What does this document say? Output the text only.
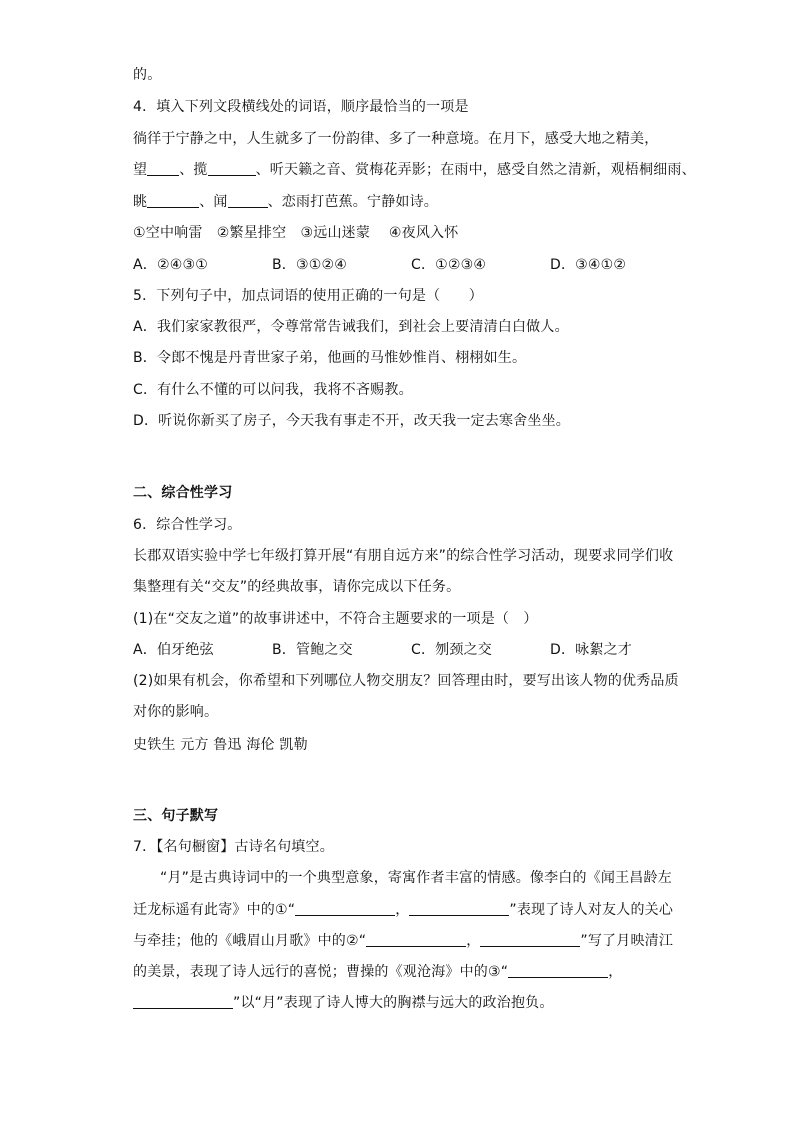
的。
4．填入下列文段横线处的词语，顺序最恰当的一项是
徜徉于宁静之中，人生就多了一份韵律、多了一种意境。在月下，感受大地之精美，
望 、揽	、听天籁之音、赏梅花弄影；在雨中，感受自然之清新，观梧桐细雨、
眺	、闻	、恋雨打芭蕉。宁静如诗。
①空中响雷　②繁星排空　③远山迷蒙　 ④夜风入怀
A．②④③①	B．③①②④	C．①②③④	D．③④①②
5．下列句子中，加点词语的使用正确的一句是（　　）
A．我们家家教很严，令尊常常告诫我们，到社会上要清清白白做人。
B．令郎不愧是丹青世家子弟，他画的马惟妙惟肖、栩栩如生。
C．有什么不懂的可以问我，我将不吝赐教。
D．听说你新买了房子，今天我有事走不开，改天我一定去寒舍坐坐。
二、综合性学习
6．综合性学习。
长郡双语实验中学七年级打算开展“有朋自远方来”的综合性学习活动，现要求同学们收
集整理有关“交友”的经典故事，请你完成以下任务。
(1)在“交友之道”的故事讲述中，不符合主题要求的一项是（　）
A．伯牙绝弦	B．管鲍之交	C．刎颈之交	D．咏絮之才
(2)如果有机会，你希望和下列哪位人物交朋友？回答理由时，要写出该人物的优秀品质
对你的影响。
史铁生 元方 鲁迅 海伦 凯勒
三、句子默写
7．【名句橱窗】古诗名句填空。
“月”是古典诗词中的一个典型意象，寄寓作者丰富的情感。像李白的《闻王昌龄左
迁龙标遥有此寄》中的①“	，	”表现了诗人对友人的关心
与牵挂；他的《峨眉山月歌》中的②“	，	”写了月映清江
的美景，表现了诗人远行的喜悦；曹操的《观沧海》中的③“	，
”以“月”表现了诗人博大的胸襟与远大的政治抱负。
